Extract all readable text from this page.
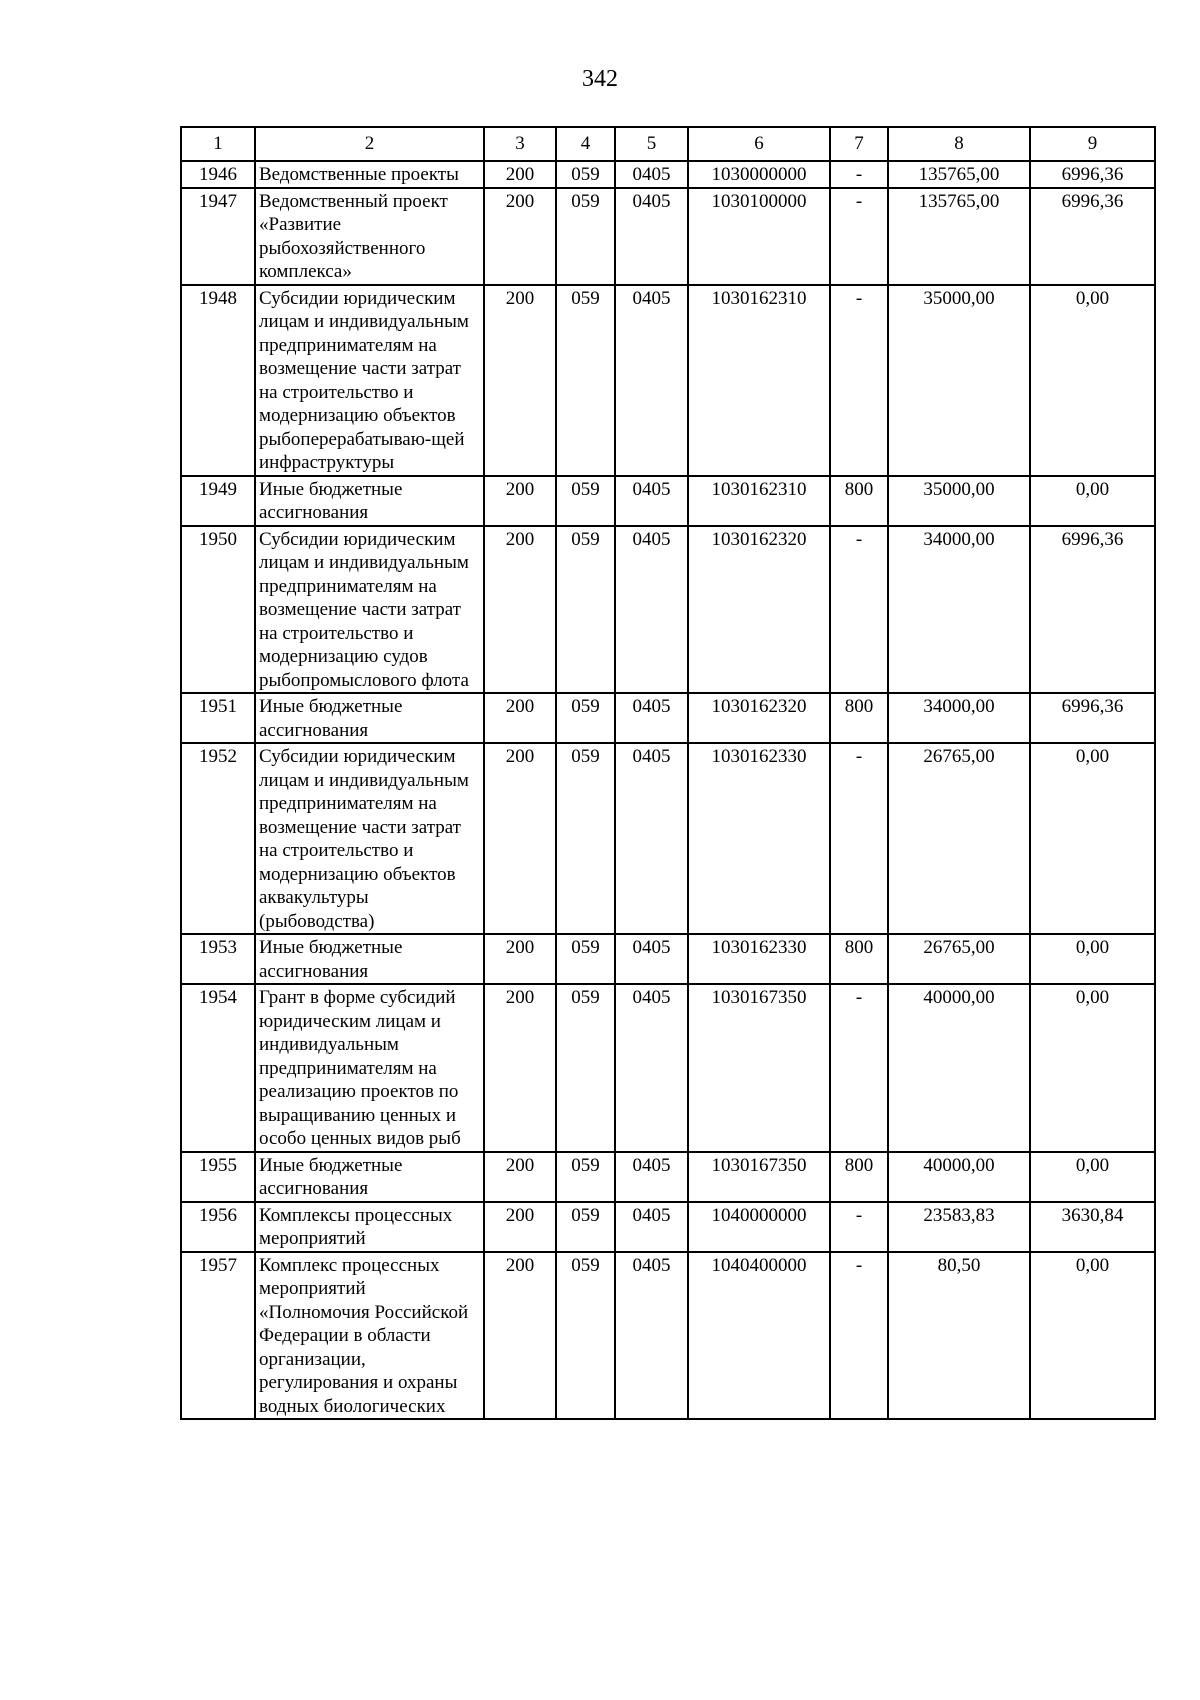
342
1	2	3	4	5	6	7	8	9
1946	Ведомственные проекты	200	059	0405	1030000000	-	135765,00	6996,36
1947	Ведомственный проект «Развитие рыбохозяйственного комплекса»	200	059	0405	1030100000	-	135765,00	6996,36
1948	Субсидии юридическим лицам и индивидуальным предпринимателям на возмещение части затрат на строительство и модернизацию объектов рыбоперерабатываю-щей инфраструктуры	200	059	0405	1030162310	-	35000,00	0,00
1949	Иные бюджетные ассигнования	200	059	0405	1030162310	800	35000,00	0,00
1950	Субсидии юридическим лицам и индивидуальным предпринимателям на возмещение части затрат на строительство и модернизацию судов рыбопромыслового флота	200	059	0405	1030162320	-	34000,00	6996,36
1951	Иные бюджетные ассигнования	200	059	0405	1030162320	800	34000,00	6996,36
1952	Субсидии юридическим лицам и индивидуальным предпринимателям на возмещение части затрат на строительство и модернизацию объектов аквакультуры (рыбоводства)	200	059	0405	1030162330	-	26765,00	0,00
1953	Иные бюджетные ассигнования	200	059	0405	1030162330	800	26765,00	0,00
1954	Грант в форме субсидий юридическим лицам и индивидуальным предпринимателям на реализацию проектов по выращиванию ценных и особо ценных видов рыб	200	059	0405	1030167350	-	40000,00	0,00
1955	Иные бюджетные ассигнования	200	059	0405	1030167350	800	40000,00	0,00
1956	Комплексы процессных мероприятий	200	059	0405	1040000000	-	23583,83	3630,84
1957	Комплекс процессных мероприятий «Полномочия Российской Федерации в области организации, регулирования и охраны водных биологических	200	059	0405	1040400000	-	80,50	0,00
